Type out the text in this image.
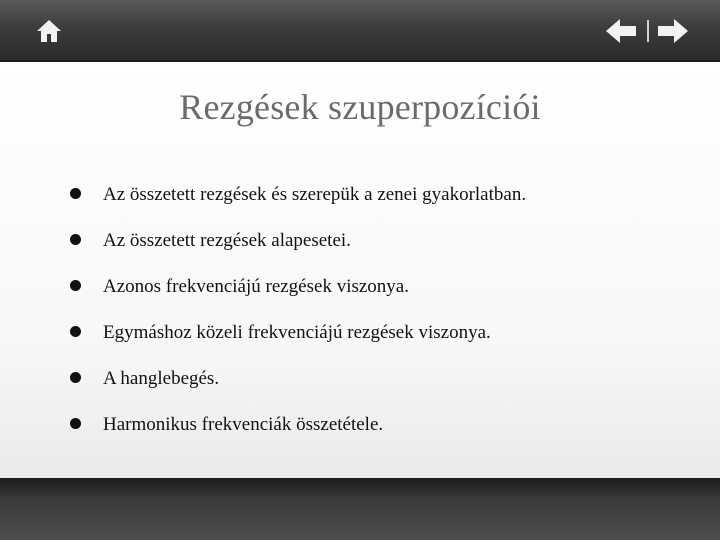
Rezgések szuperpozíciói
Az összetett rezgések és szerepük a zenei gyakorlatban.
Az összetett rezgések alapesetei.
Azonos frekvenciájú rezgések viszonya.
Egymáshoz közeli frekvenciájú rezgések viszonya.
A hanglebegés.
Harmonikus frekvenciák összetétele.
